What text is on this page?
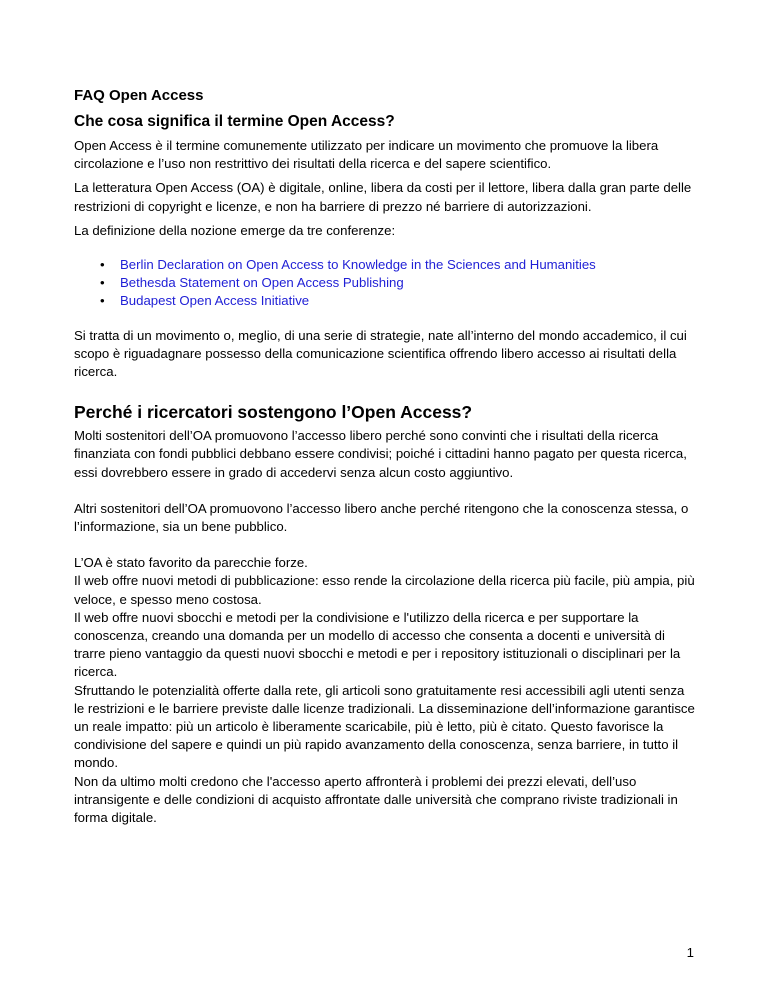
FAQ Open Access
Che cosa significa il termine Open Access?

Open Access è il termine comunemente utilizzato per indicare un movimento che promuove la libera circolazione e l’uso non restrittivo dei risultati della ricerca e del sapere scientifico.

La letteratura Open Access (OA) è digitale, online, libera da costi per il lettore, libera dalla gran parte delle restrizioni di copyright e licenze, e non ha barriere di prezzo né barriere di autorizzazioni.

La definizione della nozione emerge da tre conferenze:

• Berlin Declaration on Open Access to Knowledge in the Sciences and Humanities
• Bethesda Statement on Open Access Publishing
• Budapest Open Access Initiative

Si tratta di un movimento o, meglio, di una serie di strategie, nate all’interno del mondo accademico, il cui scopo è riguadagnare possesso della comunicazione scientifica offrendo libero accesso ai risultati della ricerca.

Perché i ricercatori sostengono l’Open Access?

Molti sostenitori dell’OA promuovono l’accesso libero perché sono convinti che i risultati della ricerca finanziata con fondi pubblici debbano essere condivisi; poiché i cittadini hanno pagato per questa ricerca, essi dovrebbero essere in grado di accedervi senza alcun costo aggiuntivo.

Altri sostenitori dell’OA promuovono l’accesso libero anche perché ritengono che la conoscenza stessa, o l’informazione, sia un bene pubblico.

L’OA è stato favorito da parecchie forze.

Il web offre nuovi metodi di pubblicazione: esso rende la circolazione della ricerca più facile, più ampia, più veloce, e spesso meno costosa.

Il web offre nuovi sbocchi e metodi per la condivisione e l'utilizzo della ricerca e per supportare la conoscenza, creando una domanda per un modello di accesso che consenta a docenti e università di trarre pieno vantaggio da questi nuovi sbocchi e metodi e per i repository istituzionali o disciplinari per la ricerca.

Sfruttando le potenzialità offerte dalla rete, gli articoli sono gratuitamente resi accessibili agli utenti senza le restrizioni e le barriere previste dalle licenze tradizionali. La disseminazione dell’informazione garantisce un reale impatto: più un articolo è liberamente scaricabile, più è letto, più è citato. Questo favorisce la condivisione del sapere e quindi un più rapido avanzamento della conoscenza, senza barriere, in tutto il mondo.

Non da ultimo molti credono che l'accesso aperto affronterà i problemi dei prezzi elevati, dell’uso intransigente e delle condizioni di acquisto affrontate dalle università che comprano riviste tradizionali in forma digitale.

1
